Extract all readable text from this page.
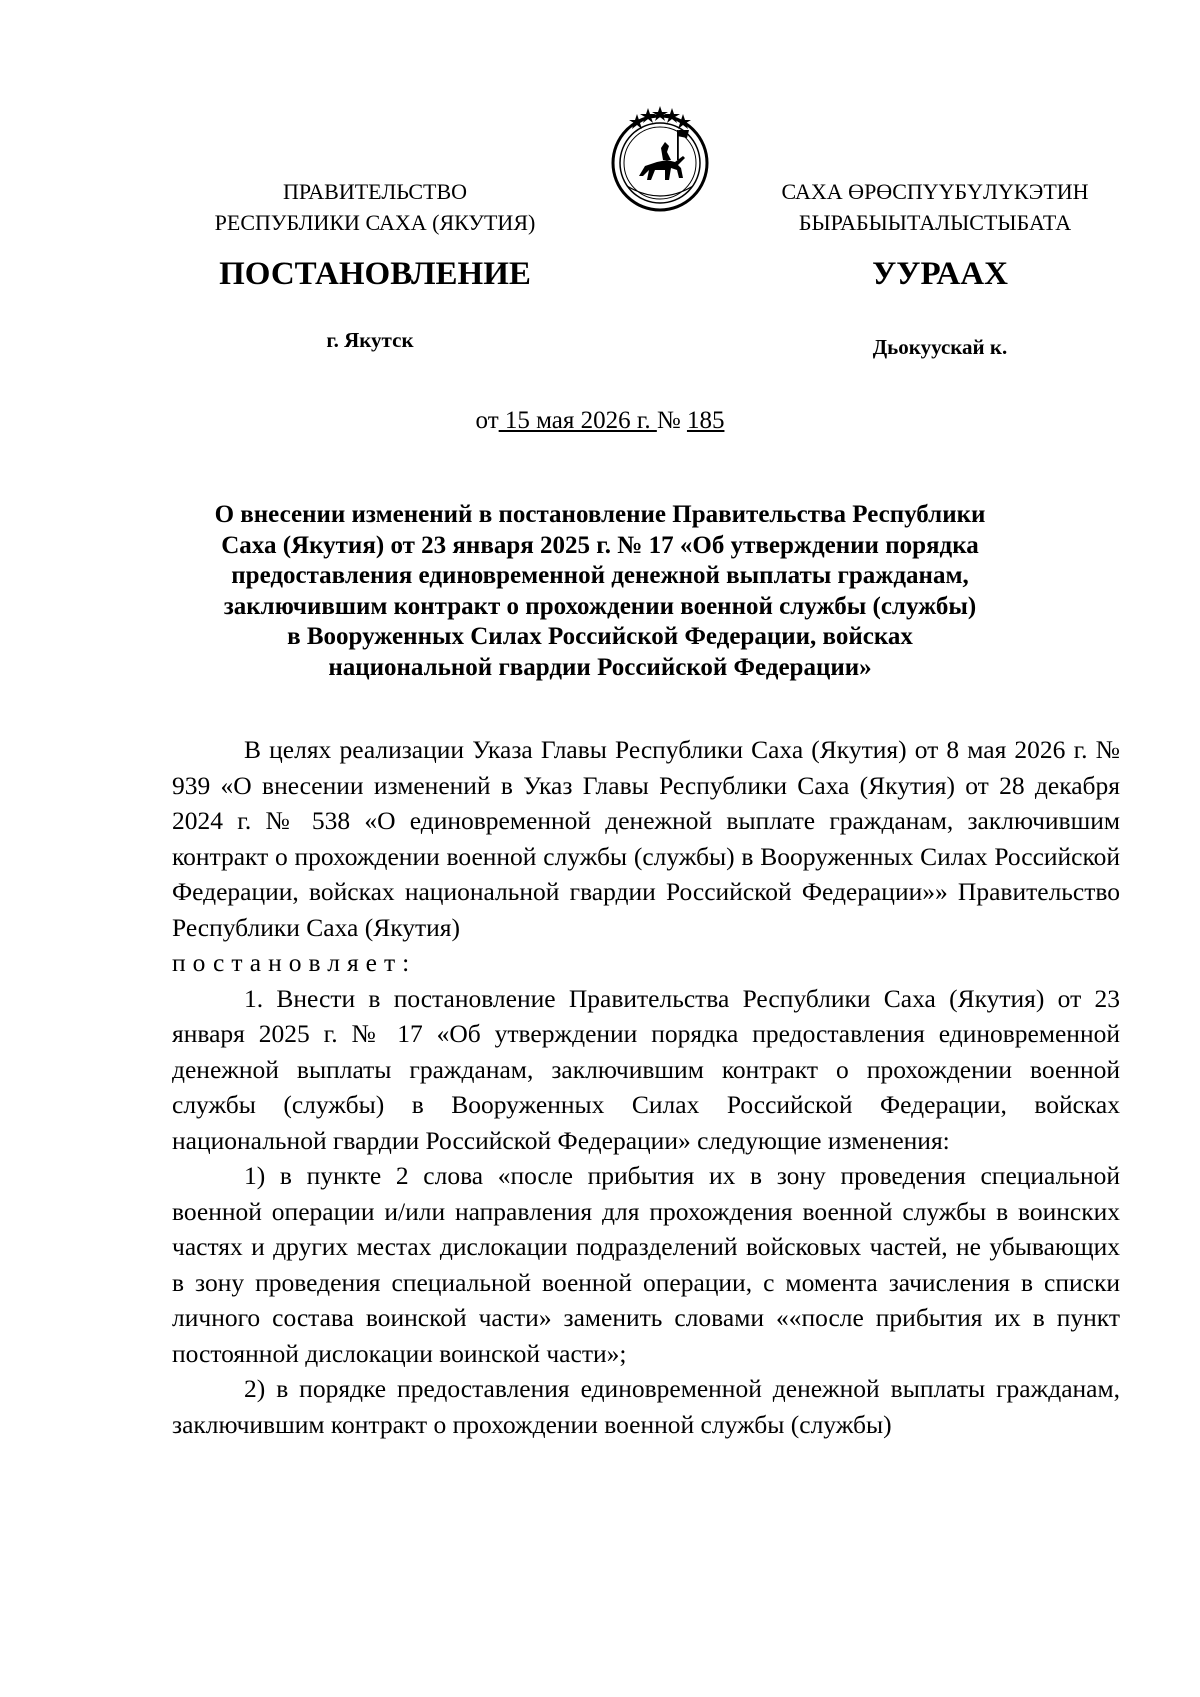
ПРАВИТЕЛЬСТВО
РЕСПУБЛИКИ САХА (ЯКУТИЯ)
САХА ӨРӨСПҮҮБҮЛҮКЭТИН
БЫРАБЫЫТАЛЫСТЫБАТА
ПОСТАНОВЛЕНИЕ	УУРААХ
г. Якутск	Дьокуускай к.
от 15 мая 2026 г. № 185
О внесении изменений в постановление Правительства Республики
Саха (Якутия) от 23 января 2025 г. № 17 «Об утверждении порядка
предоставления единовременной денежной выплаты гражданам,
заключившим контракт о прохождении военной службы (службы)
в Вооруженных Силах Российской Федерации, войсках
национальной гвардии Российской Федерации»

В целях реализации Указа Главы Республики Саха (Якутия) от 8 мая 2026 г. № 939 «О внесении изменений в Указ Главы Республики Саха (Якутия) от 28 декабря 2024 г. № 538 «О единовременной денежной выплате гражданам, заключившим контракт о прохождении военной службы (службы) в Вооруженных Силах Российской Федерации, войсках национальной гвардии Российской Федерации»» Правительство Республики Саха (Якутия)

постановляет:

1. Внести в постановление Правительства Республики Саха (Якутия) от 23 января 2025 г. № 17 «Об утверждении порядка предоставления единовременной денежной выплаты гражданам, заключившим контракт о прохождении военной службы (службы) в Вооруженных Силах Российской Федерации, войсках национальной гвардии Российской Федерации» следующие изменения:

1) в пункте 2 слова «после прибытия их в зону проведения специальной военной операции и/или направления для прохождения военной службы в воинских частях и других местах дислокации подразделений войсковых частей, не убывающих в зону проведения специальной военной операции, с момента зачисления в списки личного состава воинской части» заменить словами ««после прибытия их в пункт постоянной дислокации воинской части»;

2) в порядке предоставления единовременной денежной выплаты гражданам, заключившим контракт о прохождении военной службы (службы)
